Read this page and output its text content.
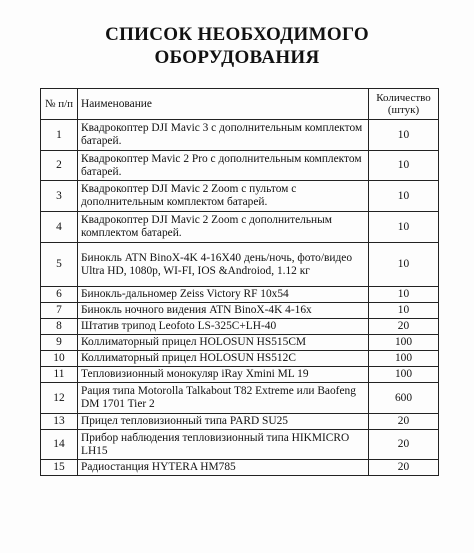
СПИСОК НЕОБХОДИМОГО
ОБОРУДОВАНИЯ
№ п/п	Наименование	Количество
(штук)
1	Квадрокоптер DJI Mavic 3 с дополнительным комплектом батарей.	10
2	Квадрокоптер Mavic 2 Pro с дополнительным комплектом батарей.	10
3	Квадрокоптер DJI Mavic 2 Zoom с пультом с дополнительным комплектом батарей.	10
4	Квадрокоптер DJI Mavic 2 Zoom с дополнительным комплектом батарей.	10
5	Бинокль ATN BinoX-4K 4-16X40 день/ночь, фото/видео Ultra HD, 1080p, WI-FI, IOS &Androiod, 1.12 кг	10
6	Бинокль-дальномер Zeiss Victory RF 10x54	10
7	Бинокль ночного видения ATN BinoX-4K 4-16x	10
8	Штатив трипод Leofoto LS-325C+LH-40	20
9	Коллиматорный прицел HOLOSUN HS515CM	100
10	Коллиматорный прицел HOLOSUN HS512C	100
11	Тепловизионный монокуляр iRay Xmini ML 19	100
12	Рация типа Motorolla Talkabout T82 Extreme или Baofeng DM 1701 Tier 2	600
13	Прицел тепловизионный типа PARD SU25	20
14	Прибор наблюдения тепловизионный типа HIKMICRO LH15	20
15	Радиостанция HYTERA HM785	20
